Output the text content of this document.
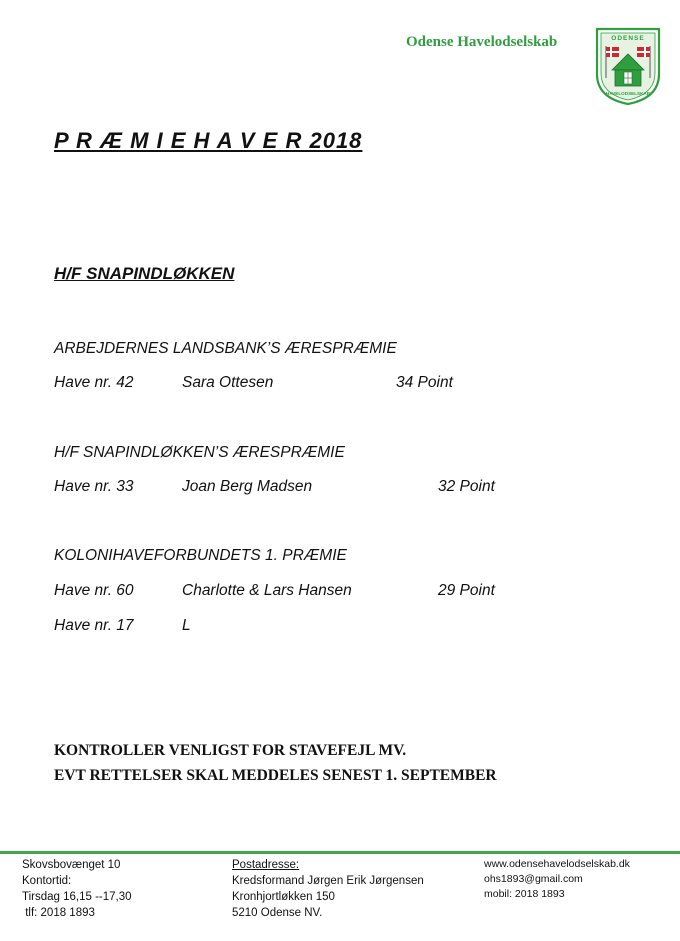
Odense Havelodselskab	ODENSE
HAVELODSELSKAB
P R Æ M I E H A V E R 2018
H/F SNAPINDLØKKEN
ARBEJDERNES LANDSBANK’S ÆRESPRÆMIE
Have nr. 42	Sara Ottesen	34 Point
H/F SNAPINDLØKKEN’S ÆRESPRÆMIE
Have nr. 33	Joan Berg Madsen	32 Point
KOLONIHAVEFORBUNDETS 1. PRÆMIE
Have nr. 60	Charlotte & Lars Hansen	29 Point
Have nr. 17	L
KONTROLLER VENLIGST FOR STAVEFEJL MV.
EVT RETTELSER SKAL MEDDELES SENEST 1. SEPTEMBER
Skovsbovænget 10
Kontortid:
Tirsdag 16,15 --17,30
tlf: 2018 1893
Postadresse:
Kredsformand Jørgen Erik Jørgensen
Kronhjortløkken 150
5210 Odense NV.
www.odensehavelodselskab.dk
ohs1893@gmail.com
mobil: 2018 1893
